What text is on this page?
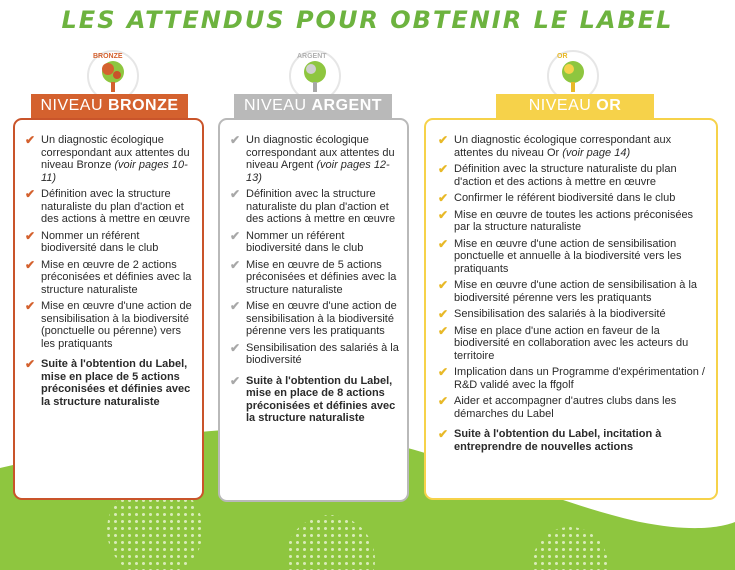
LES ATTENDUS POUR OBTENIR LE LABEL
BRONZE	ARGENT	OR
NIVEAU BRONZE	NIVEAU ARGENT	NIVEAU OR
✔ Un diagnostic écologique correspondant aux attentes du niveau Bronze (voir pages 10-11)
✔ Définition avec la structure naturaliste du plan d'action et des actions à mettre en œuvre
✔ Nommer un référent biodiversité dans le club
✔ Mise en œuvre de 2 actions préconisées et définies avec la structure naturaliste
✔ Mise en œuvre d'une action de sensibilisation à la biodiversité (ponctuelle ou pérenne) vers les pratiquants
✔ Suite à l'obtention du Label, mise en place de 5 actions préconisées et définies avec la structure naturaliste
✔ Un diagnostic écologique correspondant aux attentes du niveau Argent (voir pages 12-13)
✔ Définition avec la structure naturaliste du plan d'action et des actions à mettre en œuvre
✔ Nommer un référent biodiversité dans le club
✔ Mise en œuvre de 5 actions préconisées et définies avec la structure naturaliste
✔ Mise en œuvre d'une action de sensibilisation à la biodiversité pérenne vers les pratiquants
✔ Sensibilisation des salariés à la biodiversité
✔ Suite à l'obtention du Label, mise en place de 8 actions préconisées et définies avec la structure naturaliste
✔ Un diagnostic écologique correspondant aux attentes du niveau Or (voir page 14)
✔ Définition avec la structure naturaliste du plan d'action et des actions à mettre en œuvre
✔ Confirmer le référent biodiversité dans le club
✔ Mise en œuvre de toutes les actions préconisées par la structure naturaliste
✔ Mise en œuvre d'une action de sensibilisation ponctuelle et annuelle à la biodiversité vers les pratiquants
✔ Mise en œuvre d'une action de sensibilisation à la biodiversité pérenne vers les pratiquants
✔ Sensibilisation des salariés à la biodiversité
✔ Mise en place d'une action en faveur de la biodiversité en collaboration avec les acteurs du territoire
✔ Implication dans un Programme d'expérimentation / R&D validé avec la ffgolf
✔ Aider et accompagner d'autres clubs dans les démarches du Label
✔ Suite à l'obtention du Label, incitation à entreprendre de nouvelles actions
